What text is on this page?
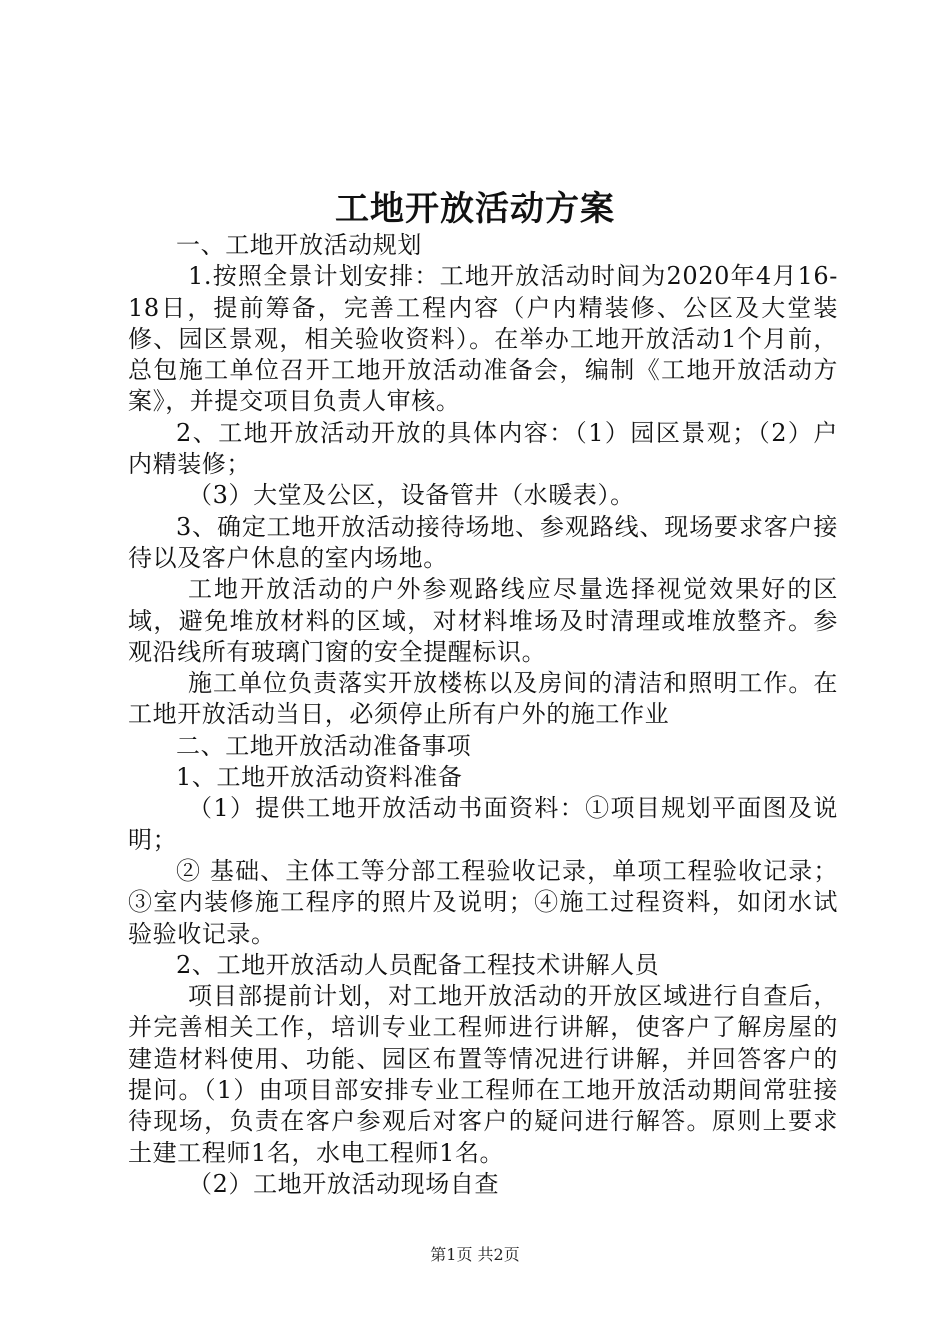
工地开放活动方案

一、工地开放活动规划

1.按照全景计划安排：工地开放活动时间为2020年4月16-18日，提前筹备，完善工程内容（户内精装修、公区及大堂装修、园区景观，相关验收资料）。在举办工地开放活动1个月前，总包施工单位召开工地开放活动准备会，编制《工地开放活动方案》，并提交项目负责人审核。

2、工地开放活动开放的具体内容：（1）园区景观；（2）户内精装修；

（3）大堂及公区，设备管井（水暖表）。

3、确定工地开放活动接待场地、参观路线、现场要求客户接待以及客户休息的室内场地。

工地开放活动的户外参观路线应尽量选择视觉效果好的区域，避免堆放材料的区域，对材料堆场及时清理或堆放整齐。参观沿线所有玻璃门窗的安全提醒标识。

施工单位负责落实开放楼栋以及房间的清洁和照明工作。在工地开放活动当日，必须停止所有户外的施工作业

二、工地开放活动准备事项

1、工地开放活动资料准备

（1）提供工地开放活动书面资料：①项目规划平面图及说明；

② 基础、主体工等分部工程验收记录，单项工程验收记录；③室内装修施工程序的照片及说明；④施工过程资料，如闭水试验验收记录。

2、工地开放活动人员配备工程技术讲解人员

项目部提前计划，对工地开放活动的开放区域进行自查后，并完善相关工作，培训专业工程师进行讲解，使客户了解房屋的建造材料使用、功能、园区布置等情况进行讲解，并回答客户的提问。（1）由项目部安排专业工程师在工地开放活动期间常驻接待现场，负责在客户参观后对客户的疑问进行解答。原则上要求土建工程师1名，水电工程师1名。

（2）工地开放活动现场自查

第1页 共2页
